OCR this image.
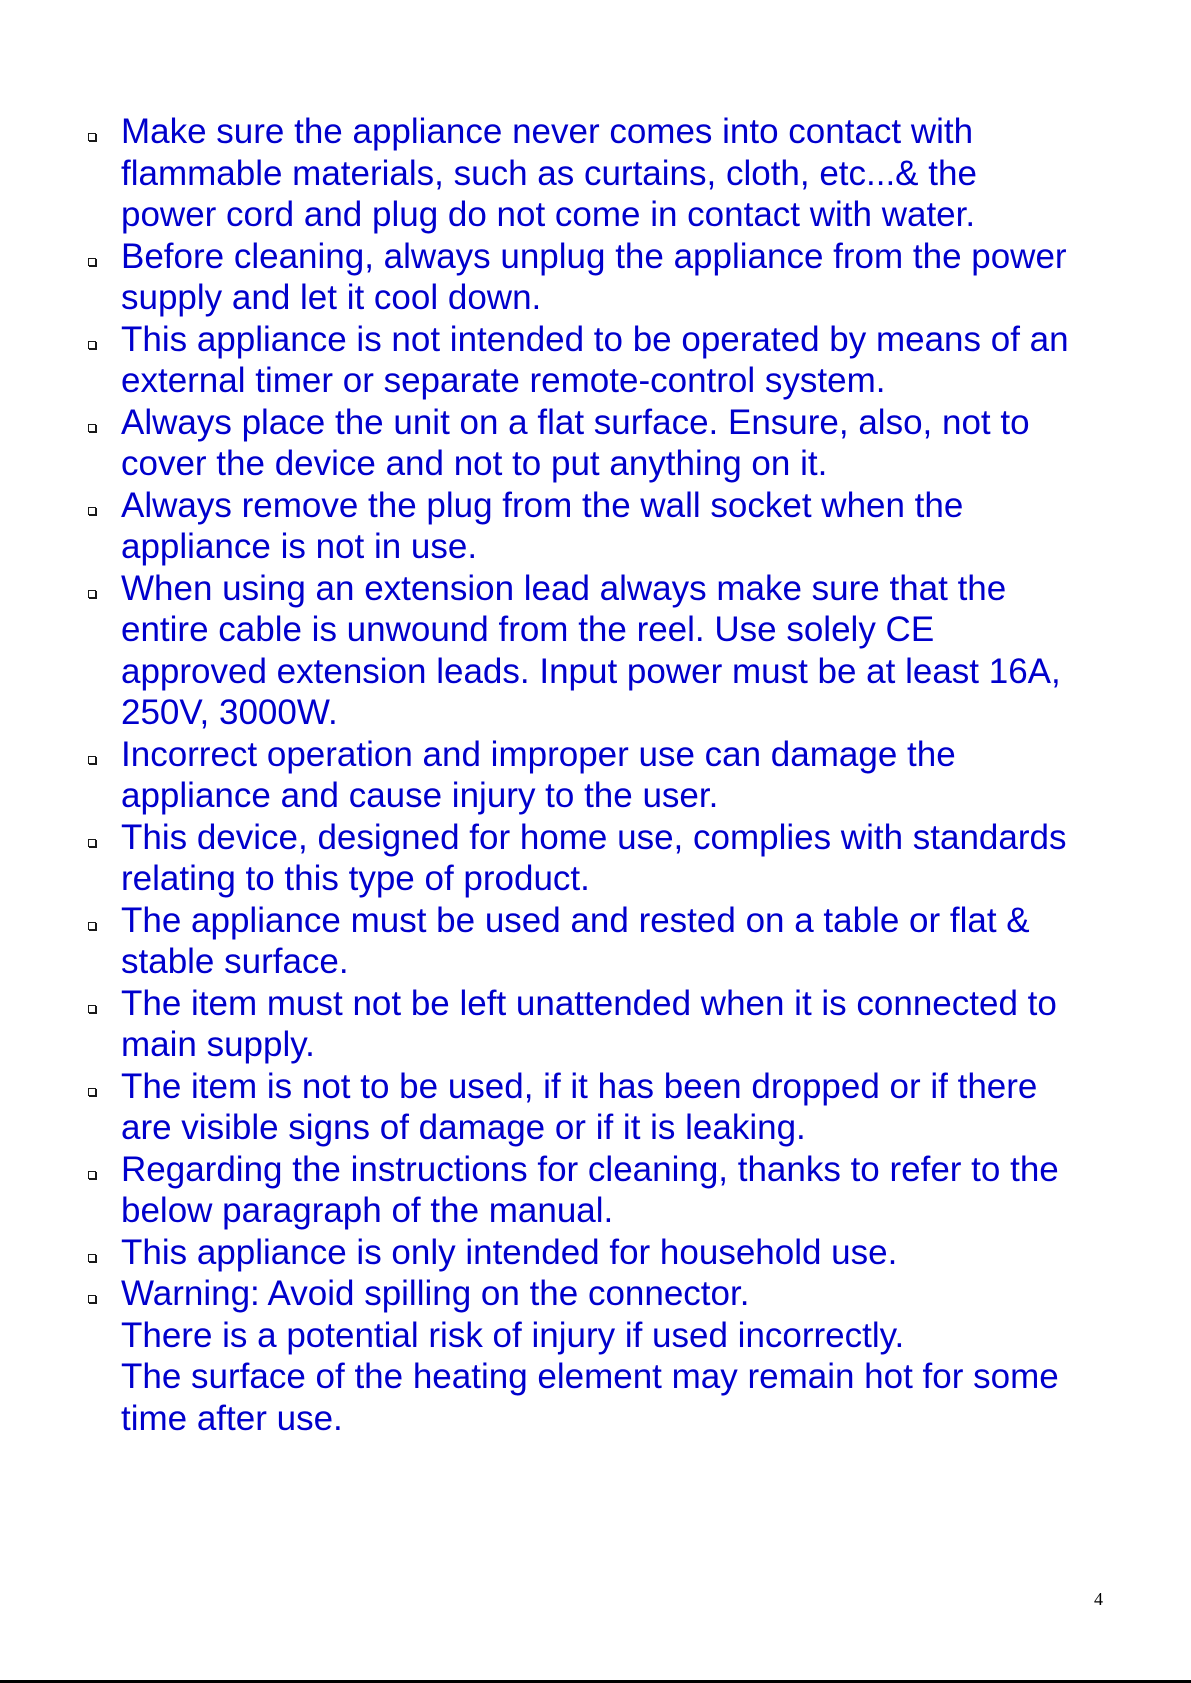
Make sure the appliance never comes into contact with
flammable materials, such as curtains, cloth, etc...& the
power cord and plug do not come in contact with water.
Before cleaning, always unplug the appliance from the power
supply and let it cool down.
This appliance is not intended to be operated by means of an
external timer or separate remote-control system.
Always place the unit on a flat surface. Ensure, also, not to
cover the device and not to put anything on it.
Always remove the plug from the wall socket when the
appliance is not in use.
When using an extension lead always make sure that the
entire cable is unwound from the reel. Use solely CE
approved extension leads. Input power must be at least 16A,
250V, 3000W.
Incorrect operation and improper use can damage the
appliance and cause injury to the user.
This device, designed for home use, complies with standards
relating to this type of product.
The appliance must be used and rested on a table or flat &
stable surface.
The item must not be left unattended when it is connected to
main supply.
The item is not to be used, if it has been dropped or if there
are visible signs of damage or if it is leaking.
Regarding the instructions for cleaning, thanks to refer to the
below paragraph of the manual.
This appliance is only intended for household use.
Warning: Avoid spilling on the connector.
There is a potential risk of injury if used incorrectly.
The surface of the heating element may remain hot for some
time after use.
4
